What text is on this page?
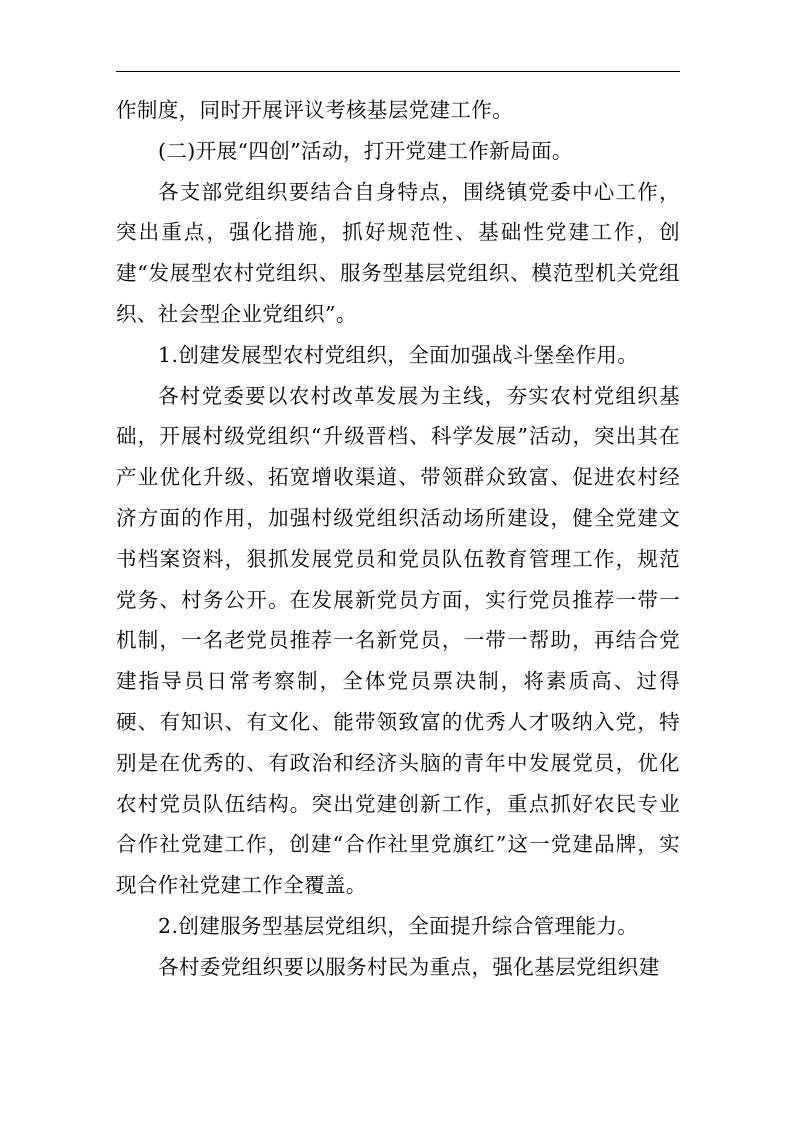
作制度，同时开展评议考核基层党建工作。

(二)开展“四创”活动，打开党建工作新局面。

各支部党组织要结合自身特点，围绕镇党委中心工作，突出重点，强化措施，抓好规范性、基础性党建工作，创建“发展型农村党组织、服务型基层党组织、模范型机关党组织、社会型企业党组织”。

1.创建发展型农村党组织，全面加强战斗堡垒作用。

各村党委要以农村改革发展为主线，夯实农村党组织基础，开展村级党组织“升级晋档、科学发展”活动，突出其在产业优化升级、拓宽增收渠道、带领群众致富、促进农村经济方面的作用，加强村级党组织活动场所建设，健全党建文书档案资料，狠抓发展党员和党员队伍教育管理工作，规范党务、村务公开。在发展新党员方面，实行党员推荐一带一机制，一名老党员推荐一名新党员，一带一帮助，再结合党建指导员日常考察制，全体党员票决制，将素质高、过得硬、有知识、有文化、能带领致富的优秀人才吸纳入党，特别是在优秀的、有政治和经济头脑的青年中发展党员，优化农村党员队伍结构。突出党建创新工作，重点抓好农民专业合作社党建工作，创建“合作社里党旗红”这一党建品牌，实现合作社党建工作全覆盖。

2.创建服务型基层党组织，全面提升综合管理能力。

各村委党组织要以服务村民为重点，强化基层党组织建
